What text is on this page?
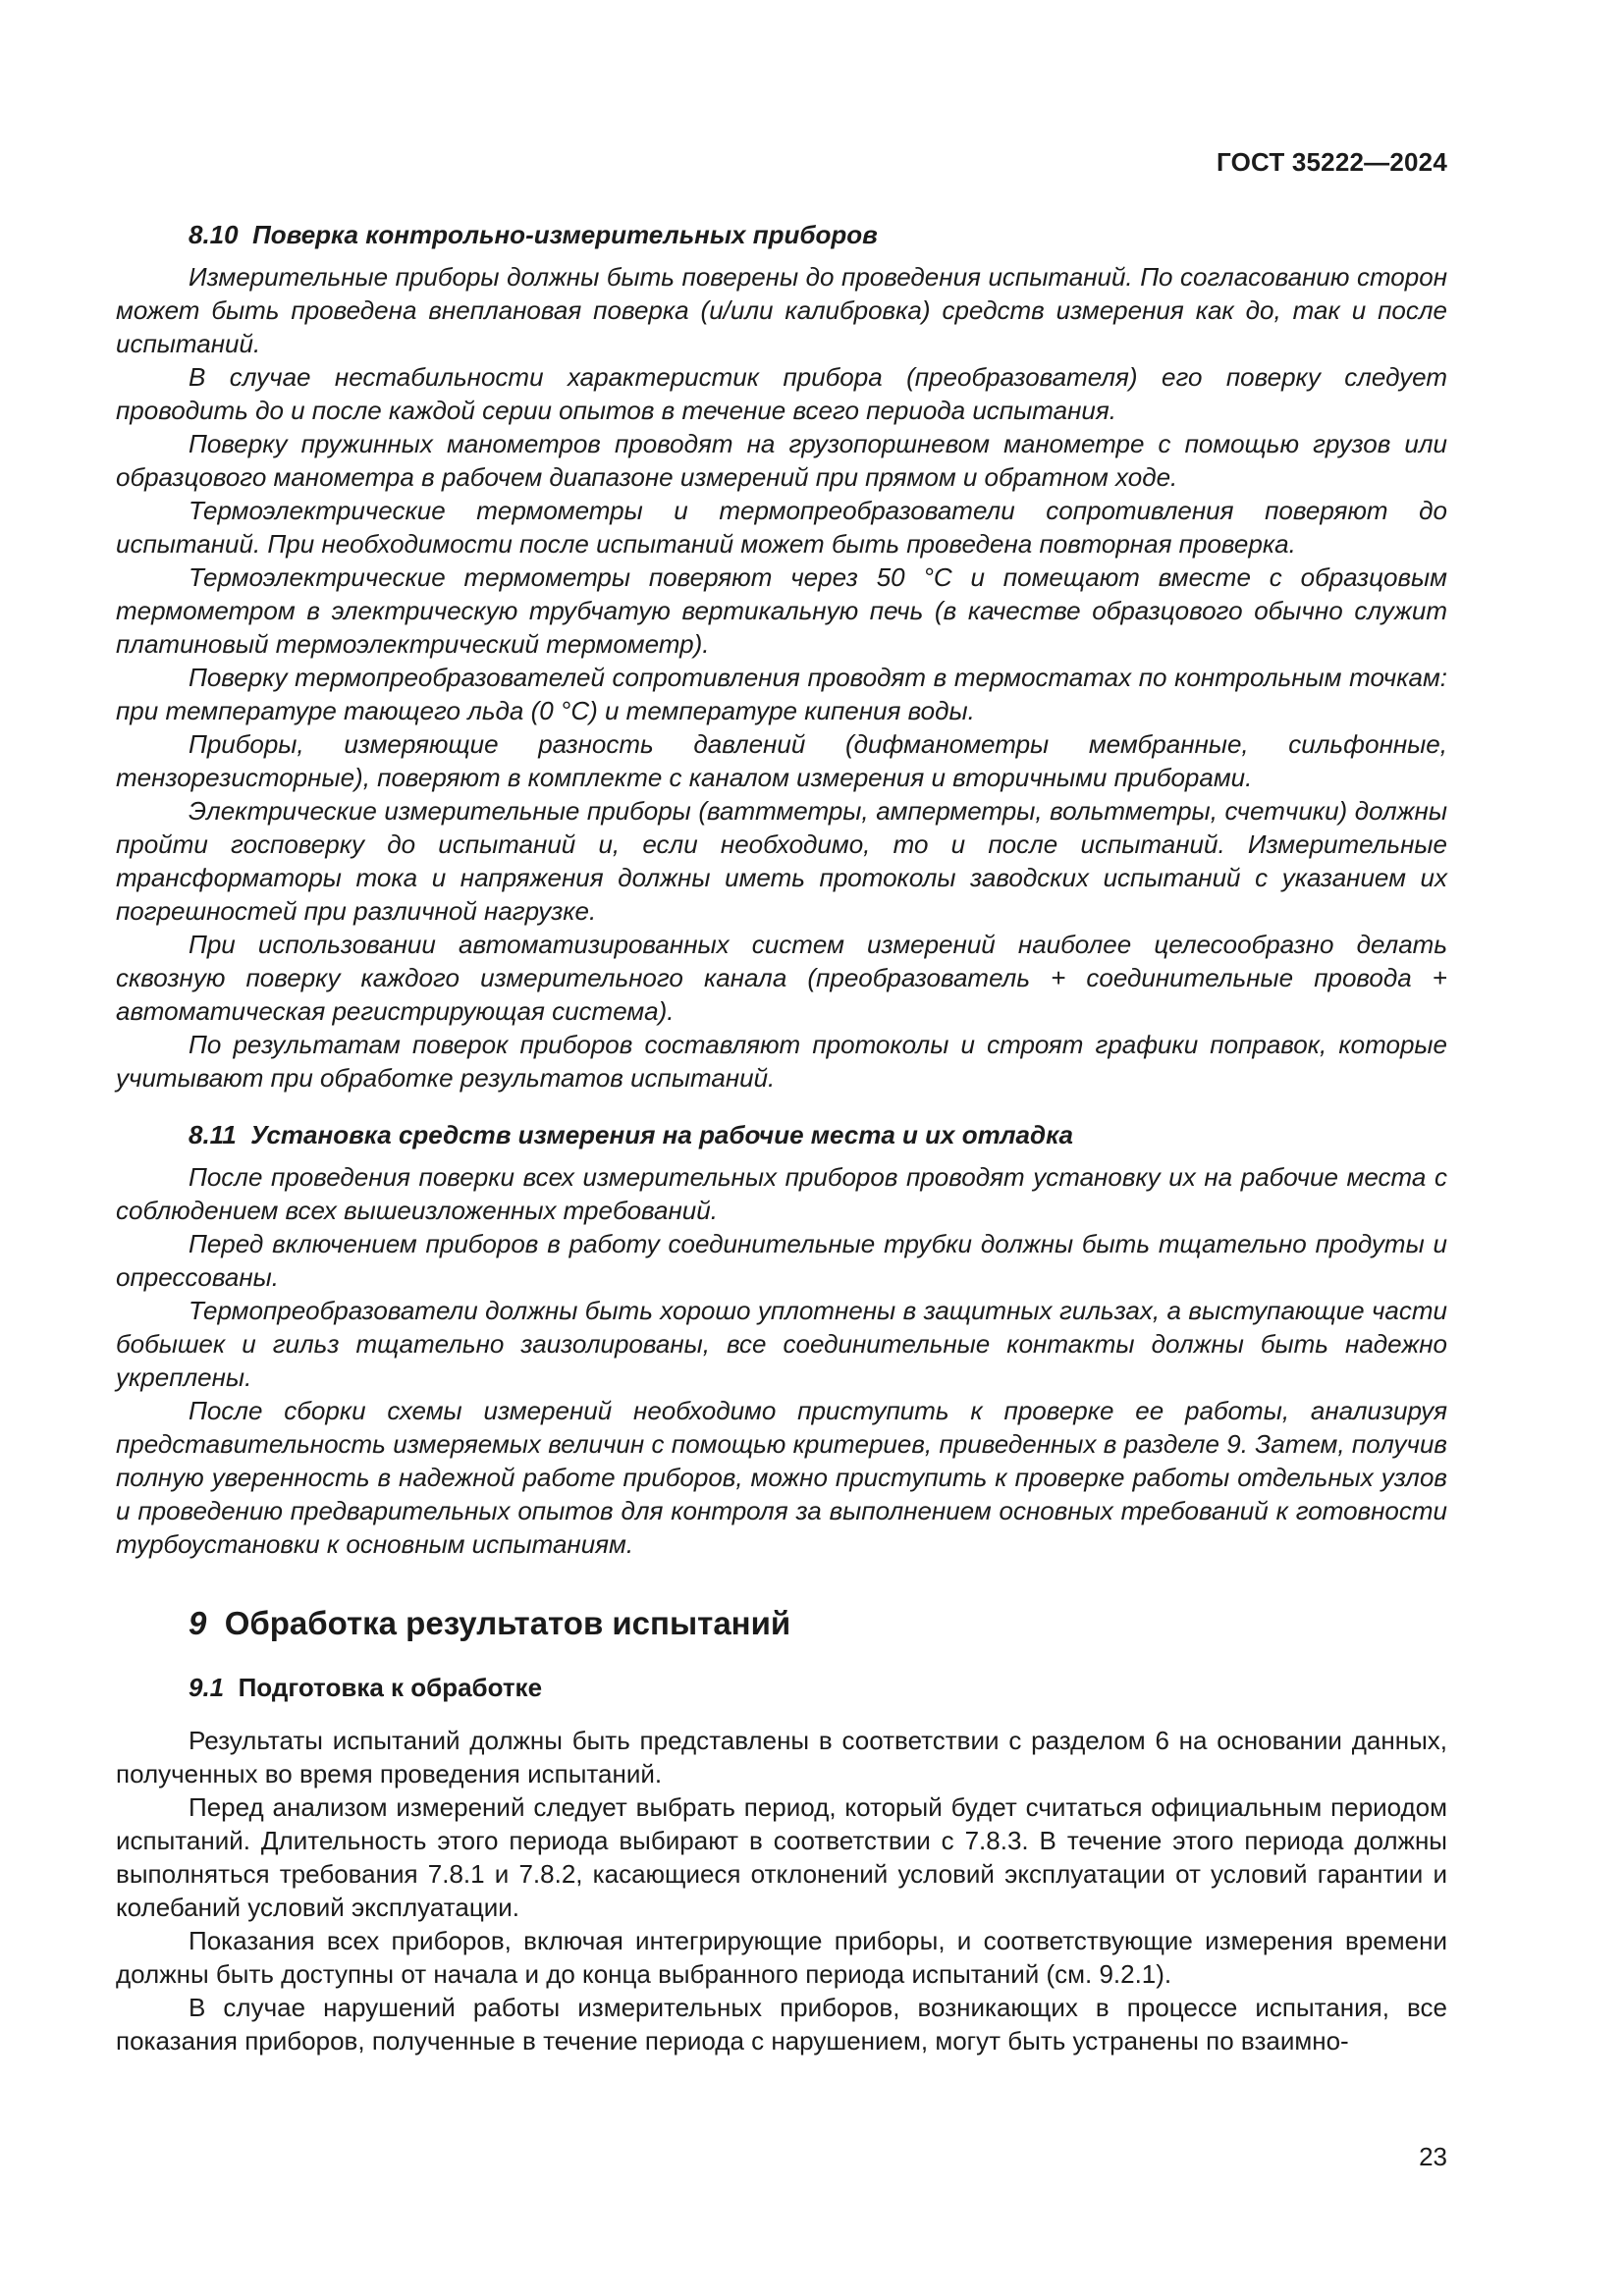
ГОСТ 35222—2024
8.10 Поверка контрольно-измерительных приборов

Измерительные приборы должны быть поверены до проведения испытаний. По согласованию сторон может быть проведена внеплановая поверка (и/или калибровка) средств измерения как до, так и после испытаний.

В случае нестабильности характеристик прибора (преобразователя) его поверку следует проводить до и после каждой серии опытов в течение всего периода испытания.

Поверку пружинных манометров проводят на грузопоршневом манометре с помощью грузов или образцового манометра в рабочем диапазоне измерений при прямом и обратном ходе.

Термоэлектрические термометры и термопреобразователи сопротивления поверяют до испытаний. При необходимости после испытаний может быть проведена повторная проверка.

Термоэлектрические термометры поверяют через 50 °С и помещают вместе с образцовым термометром в электрическую трубчатую вертикальную печь (в качестве образцового обычно служит платиновый термоэлектрический термометр).

Поверку термопреобразователей сопротивления проводят в термостатах по контрольным точкам: при температуре тающего льда (0 °С) и температуре кипения воды.

Приборы, измеряющие разность давлений (дифманометры мембранные, сильфонные, тензорезисторные), поверяют в комплекте с каналом измерения и вторичными приборами.

Электрические измерительные приборы (ваттметры, амперметры, вольтметры, счетчики) должны пройти госповерку до испытаний и, если необходимо, то и после испытаний. Измерительные трансформаторы тока и напряжения должны иметь протоколы заводских испытаний с указанием их погрешностей при различной нагрузке.

При использовании автоматизированных систем измерений наиболее целесообразно делать сквозную поверку каждого измерительного канала (преобразователь + соединительные провода + автоматическая регистрирующая система).

По результатам поверок приборов составляют протоколы и строят графики поправок, которые учитывают при обработке результатов испытаний.

8.11 Установка средств измерения на рабочие места и их отладка

После проведения поверки всех измерительных приборов проводят установку их на рабочие места с соблюдением всех вышеизложенных требований.

Перед включением приборов в работу соединительные трубки должны быть тщательно продуты и опрессованы.

Термопреобразователи должны быть хорошо уплотнены в защитных гильзах, а выступающие части бобышек и гильз тщательно заизолированы, все соединительные контакты должны быть надежно укреплены.

После сборки схемы измерений необходимо приступить к проверке ее работы, анализируя представительность измеряемых величин с помощью критериев, приведенных в разделе 9. Затем, получив полную уверенность в надежной работе приборов, можно приступить к проверке работы отдельных узлов и проведению предварительных опытов для контроля за выполнением основных требований к готовности турбоустановки к основным испытаниям.

9 Обработка результатов испытаний
9.1 Подготовка к обработке

Результаты испытаний должны быть представлены в соответствии с разделом 6 на основании данных, полученных во время проведения испытаний.

Перед анализом измерений следует выбрать период, который будет считаться официальным периодом испытаний. Длительность этого периода выбирают в соответствии с 7.8.3. В течение этого периода должны выполняться требования 7.8.1 и 7.8.2, касающиеся отклонений условий эксплуатации от условий гарантии и колебаний условий эксплуатации.

Показания всех приборов, включая интегрирующие приборы, и соответствующие измерения времени должны быть доступны от начала и до конца выбранного периода испытаний (см. 9.2.1).

В случае нарушений работы измерительных приборов, возникающих в процессе испытания, все показания приборов, полученные в течение периода с нарушением, могут быть устранены по взаимно-

23
